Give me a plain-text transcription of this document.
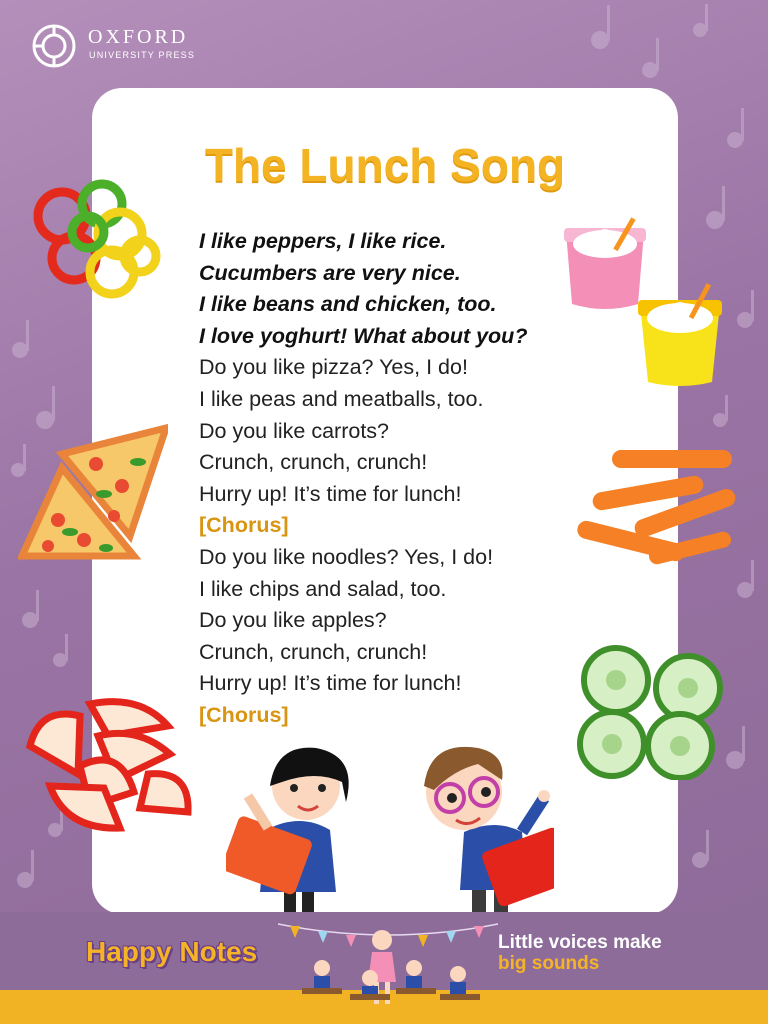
OXFORD
UNIVERSITY PRESS
The Lunch Song
I like peppers, I like rice.
Cucumbers are very nice.
I like beans and chicken, too.
I love yoghurt! What about you?
Do you like pizza? Yes, I do!
I like peas and meatballs, too.
Do you like carrots?
Crunch, crunch, crunch!
Hurry up! It’s time for lunch!
[Chorus]
Do you like noodles? Yes, I do!
I like chips and salad, too.
Do you like apples?
Crunch, crunch, crunch!
Hurry up! It’s time for lunch!
[Chorus]
Happy Notes	Little voices make
big sounds
